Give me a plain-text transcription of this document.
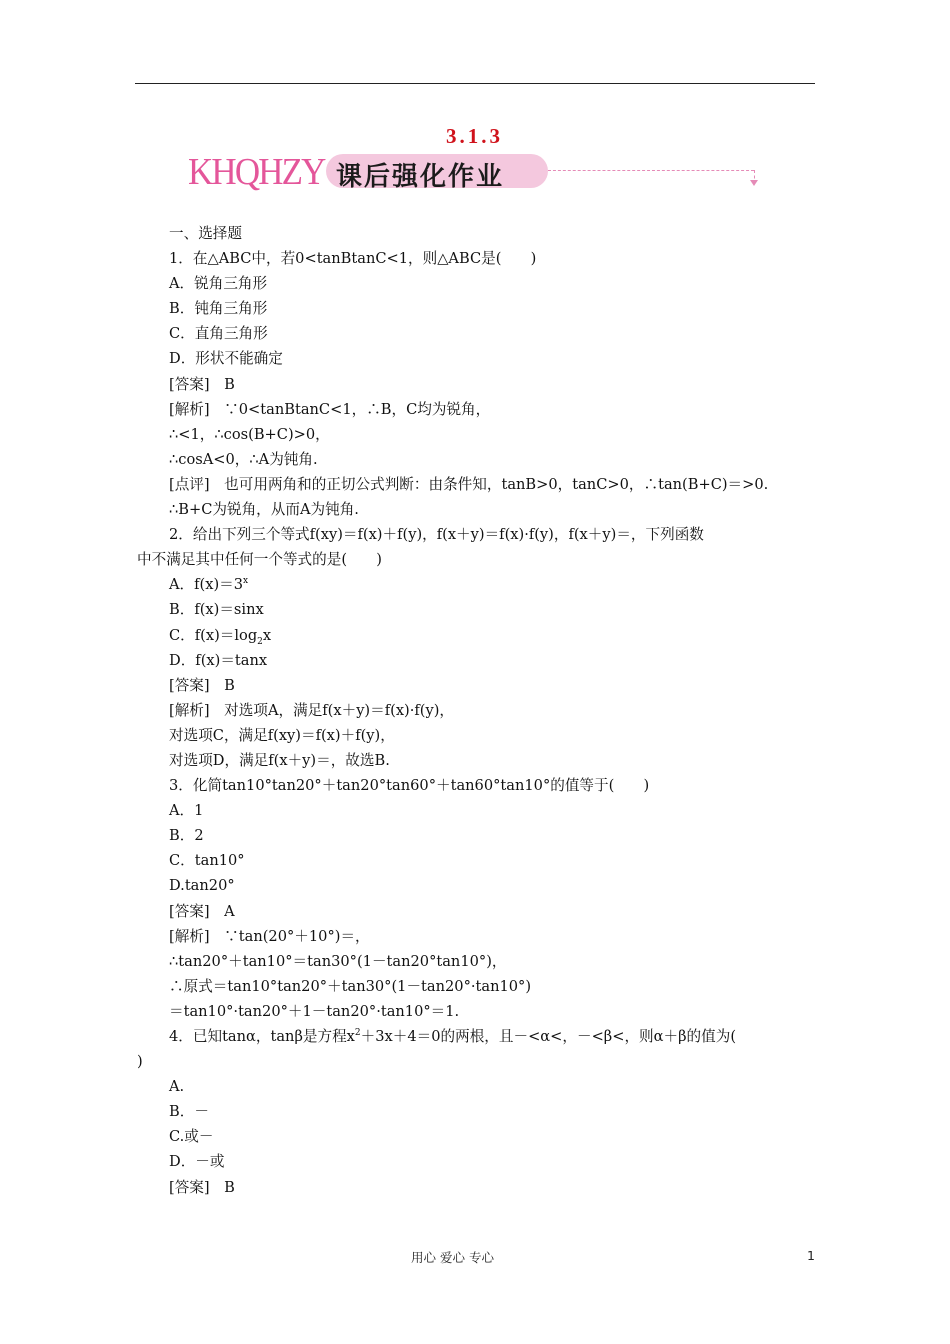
3.1.3
KHQHZY 课后强化作业
一、选择题
1．在△ABC中，若0<tanBtanC<1，则△ABC是(　　)
A．锐角三角形
B．钝角三角形
C．直角三角形
D．形状不能确定
[答案]　B
[解析]　∵0<tanBtanC<1，∴B，C均为锐角，
∴<1，∴cos(B+C)>0，
∴cosA<0，∴A为钝角.
[点评]　也可用两角和的正切公式判断：由条件知，tanB>0，tanC>0，∴tan(B+C)＝>0.
∴B+C为锐角，从而A为钝角.
2．给出下列三个等式f(xy)＝f(x)＋f(y)，f(x＋y)＝f(x)·f(y)，f(x＋y)＝，下列函数
中不满足其中任何一个等式的是(　　)
A．$f(x)=3^x$
B．f(x)＝sinx
C．$f(x)=\log_2x$
D．f(x)＝tanx
[答案]　B
[解析]　对选项A，满足f(x＋y)＝f(x)·f(y)，
对选项C，满足f(xy)＝f(x)＋f(y)，
对选项D，满足f(x＋y)＝，故选B.
3．化简tan10°tan20°＋tan20°tan60°＋tan60°tan10°的值等于(　　)
A．1
B．2
C．tan10°
D.tan20°
[答案]　A
[解析]　∵tan(20°＋10°)＝，
∴tan20°＋tan10°＝tan30°(1－tan20°tan10°)，
∴原式＝tan10°tan20°＋tan30°(1－tan20°·tan10°)
＝tan10°·tan20°＋1－tan20°·tan10°＝1.
4．已知tanα，tanβ是方程$x^2+3x+4=0$的两根，且－<α<，－<β<，则α＋β的值为(
)
A.
B．－
C.或－
D．－或
[答案]　B
用心 爱心 专心	1
